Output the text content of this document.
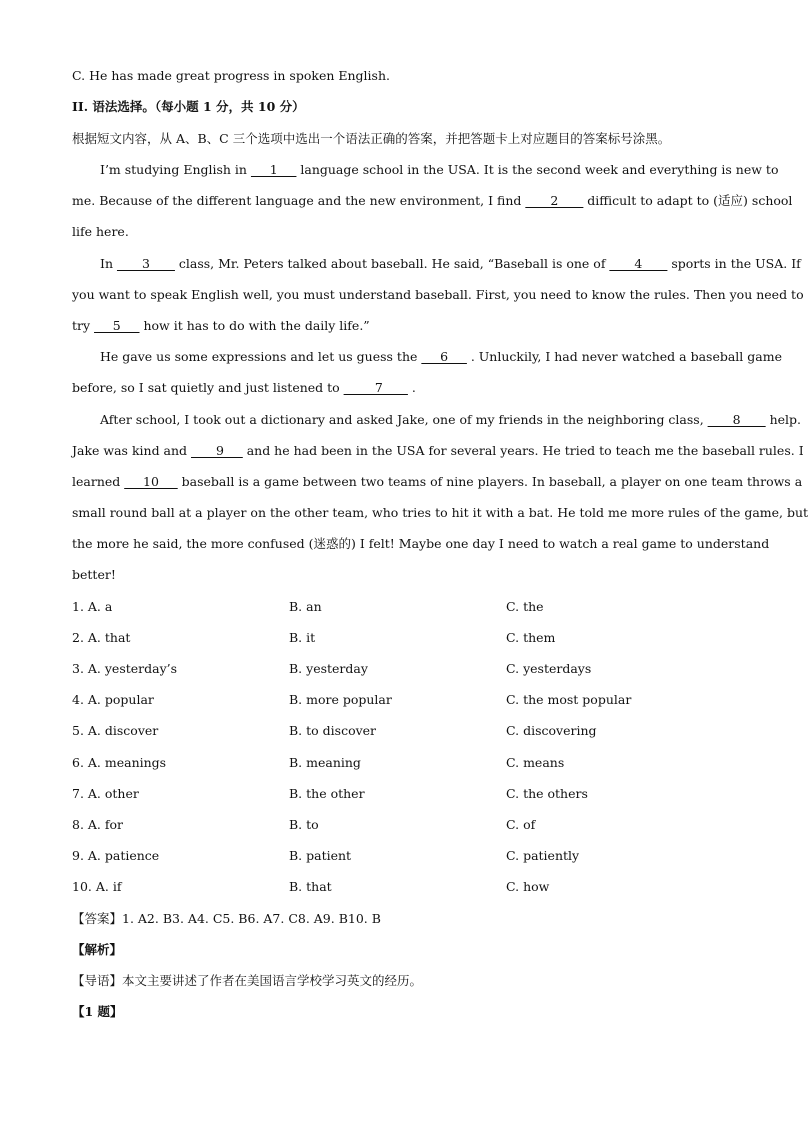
C. He has made great progress in spoken English.
II. 语法选择。（每小题 1 分，共 10 分）
根据短文内容，从 A、B、C 三个选项中选出一个语法正确的答案，并把答题卡上对应题目的答案标号涂黑。
I’m studying English in ___1___ language school in the USA. It is the second week and everything is new to
me. Because of the different language and the new environment, I find ____2____ difficult to adapt to (适应) school
life here.
In ____3____ class, Mr. Peters talked about baseball. He said, “Baseball is one of ____4____ sports in the USA. If
you want to speak English well, you must understand baseball. First, you need to know the rules. Then you need to
try ___5___ how it has to do with the daily life.”
He gave us some expressions and let us guess the ___6___ . Unluckily, I had never watched a baseball game
before, so I sat quietly and just listened to _____7____ .
After school, I took out a dictionary and asked Jake, one of my friends in the neighboring class, ____8____ help.
Jake was kind and ____9___ and he had been in the USA for several years. He tried to teach me the baseball rules. I
learned ___10___ baseball is a game between two teams of nine players. In baseball, a player on one team throws a
small round ball at a player on the other team, who tries to hit it with a bat. He told me more rules of the game, but
the more he said, the more confused (迷惑的) I felt! Maybe one day I need to watch a real game to understand
better!
1. A. a	B. an	C. the
2. A. that	B. it	C. them
3. A. yesterday’s	B. yesterday	C. yesterdays
4. A. popular	B. more popular	C. the most popular
5. A. discover	B. to discover	C. discovering
6. A. meanings	B. meaning	C. means
7. A. other	B. the other	C. the others
8. A. for	B. to	C. of
9. A. patience	B. patient	C. patiently
10. A. if	B. that	C. how
【答案】1. A2. B3. A4. C5. B6. A7. C8. A9. B10. B
【解析】
【导语】本文主要讲述了作者在美国语言学校学习英文的经历。
【1 题】
